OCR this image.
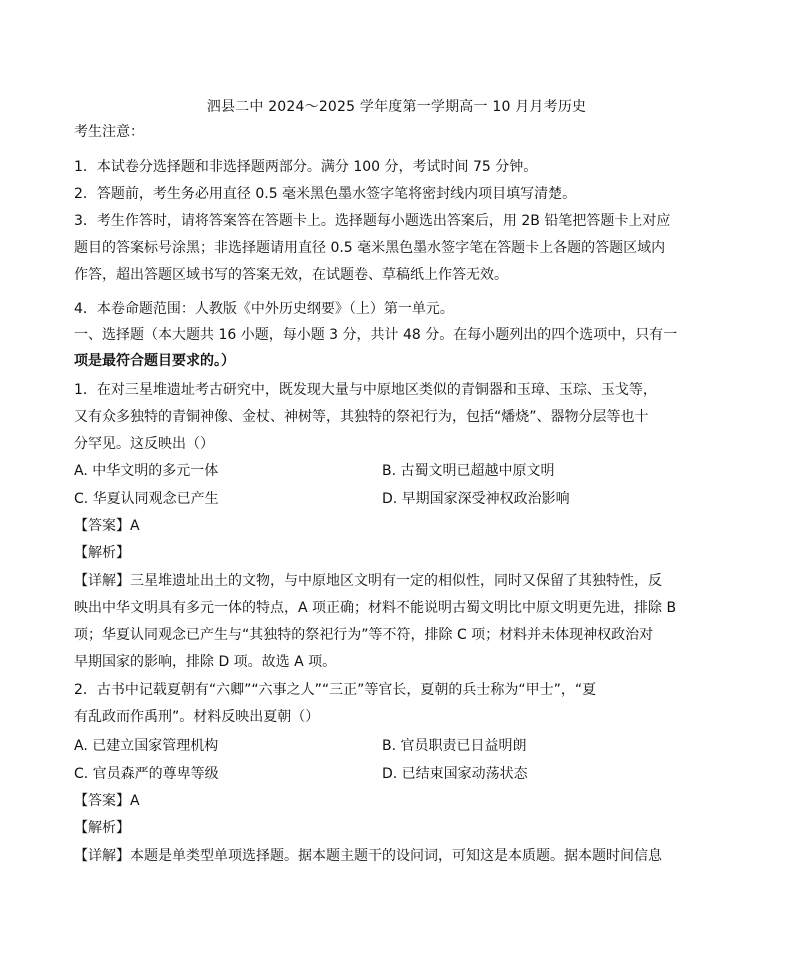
泗县二中 2024～2025 学年度第一学期高一 10 月月考历史
考生注意：
1．本试卷分选择题和非选择题两部分。满分 100 分，考试时间 75 分钟。
2．答题前，考生务必用直径 0.5 毫米黑色墨水签字笔将密封线内项目填写清楚。
3．考生作答时，请将答案答在答题卡上。选择题每小题选出答案后，用 2B 铅笔把答题卡上对应
题目的答案标号涂黑；非选择题请用直径 0.5 毫米黑色墨水签字笔在答题卡上各题的答题区域内
作答，超出答题区域书写的答案无效，在试题卷、草稿纸上作答无效。
4．本卷命题范围：人教版《中外历史纲要》（上）第一单元。
一、选择题（本大题共 16 小题，每小题 3 分，共计 48 分。在每小题列出的四个选项中，只有一
项是最符合题目要求的。）
1．在对三星堆遗址考古研究中，既发现大量与中原地区类似的青铜器和玉璋、玉琮、玉戈等，
又有众多独特的青铜神像、金杖、神树等，其独特的祭祀行为，包括“燔烧”、器物分层等也十
分罕见。这反映出（）
A. 中华文明的多元一体	B. 古蜀文明已超越中原文明
C. 华夏认同观念已产生	D. 早期国家深受神权政治影响
【答案】A
【解析】
【详解】三星堆遗址出土的文物，与中原地区文明有一定的相似性，同时又保留了其独特性，反
映出中华文明具有多元一体的特点，A 项正确；材料不能说明古蜀文明比中原文明更先进，排除 B
项；华夏认同观念已产生与“其独特的祭祀行为”等不符，排除 C 项；材料并未体现神权政治对
早期国家的影响，排除 D 项。故选 A 项。
2．古书中记载夏朝有“六卿”“六事之人”“三正”等官长，夏朝的兵士称为“甲士”，“夏
有乱政而作禹刑”。材料反映出夏朝（）
A. 已建立国家管理机构	B. 官员职责已日益明朗
C. 官员森严的尊卑等级	D. 已结束国家动荡状态
【答案】A
【解析】
【详解】本题是单类型单项选择题。据本题主题干的设问词，可知这是本质题。据本题时间信息
